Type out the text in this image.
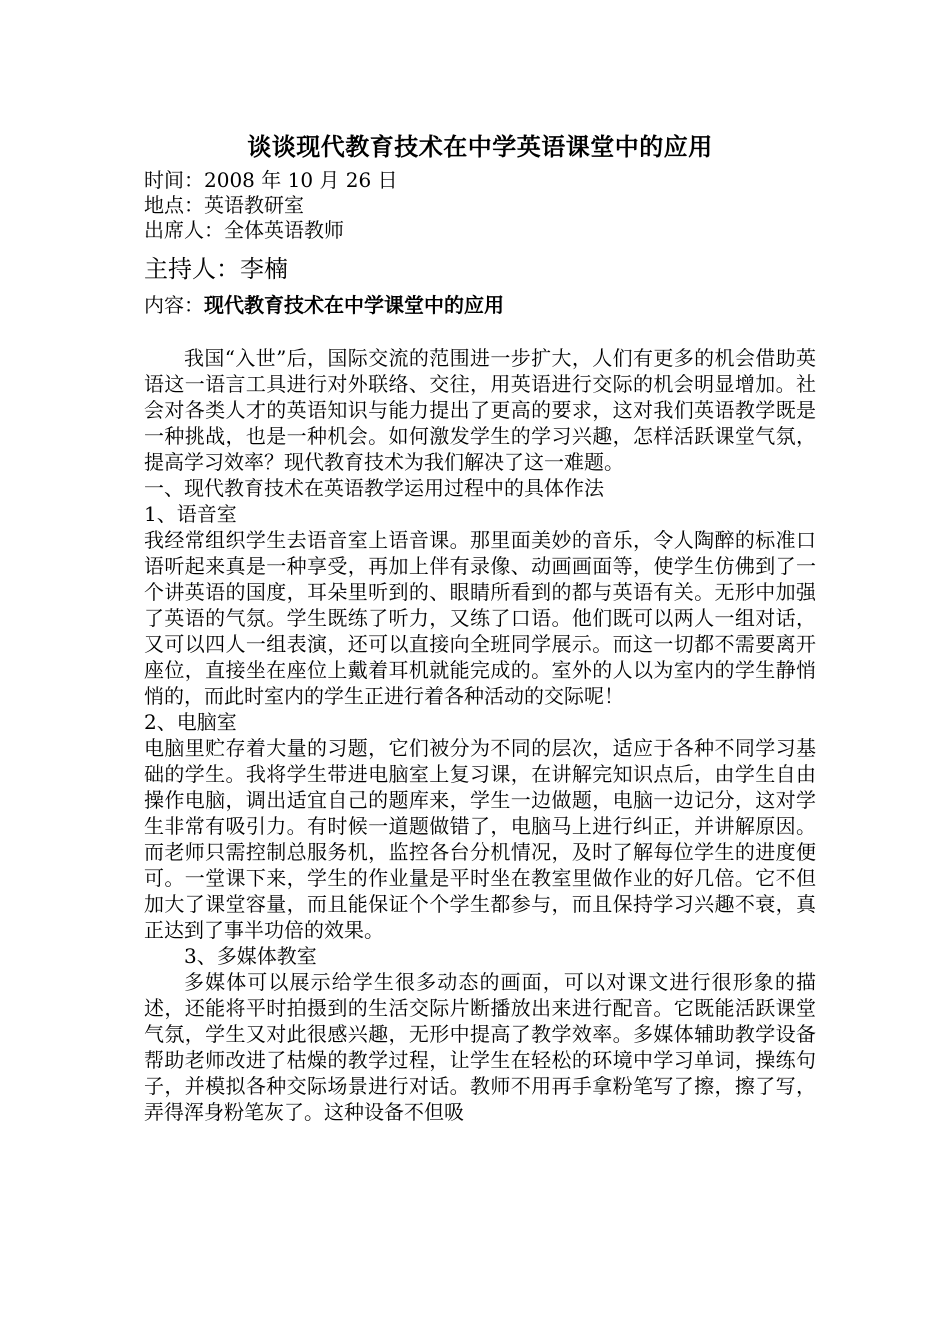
谈谈现代教育技术在中学英语课堂中的应用

时间：2008 年 10 月 26 日

地点：英语教研室

出席人：全体英语教师

主持人：李楠

内容：现代教育技术在中学课堂中的应用

我国“入世”后，国际交流的范围进一步扩大，人们有更多的机会借助英语这一语言工具进行对外联络、交往，用英语进行交际的机会明显增加。社会对各类人才的英语知识与能力提出了更高的要求，这对我们英语教学既是一种挑战，也是一种机会。如何激发学生的学习兴趣，怎样活跃课堂气氛，提高学习效率？现代教育技术为我们解决了这一难题。

一、现代教育技术在英语教学运用过程中的具体作法

1、语音室

我经常组织学生去语音室上语音课。那里面美妙的音乐，令人陶醉的标准口语听起来真是一种享受，再加上伴有录像、动画画面等，使学生仿佛到了一个讲英语的国度，耳朵里听到的、眼睛所看到的都与英语有关。无形中加强了英语的气氛。学生既练了听力，又练了口语。他们既可以两人一组对话，又可以四人一组表演，还可以直接向全班同学展示。而这一切都不需要离开座位，直接坐在座位上戴着耳机就能完成的。室外的人以为室内的学生静悄悄的，而此时室内的学生正进行着各种活动的交际呢！

2、电脑室

电脑里贮存着大量的习题，它们被分为不同的层次，适应于各种不同学习基础的学生。我将学生带进电脑室上复习课，在讲解完知识点后，由学生自由操作电脑，调出适宜自己的题库来，学生一边做题，电脑一边记分，这对学生非常有吸引力。有时候一道题做错了，电脑马上进行纠正，并讲解原因。而老师只需控制总服务机，监控各台分机情况，及时了解每位学生的进度便可。一堂课下来，学生的作业量是平时坐在教室里做作业的好几倍。它不但加大了课堂容量，而且能保证个个学生都参与，而且保持学习兴趣不衰，真正达到了事半功倍的效果。

3、多媒体教室

多媒体可以展示给学生很多动态的画面，可以对课文进行很形象的描述，还能将平时拍摄到的生活交际片断播放出来进行配音。它既能活跃课堂气氛，学生又对此很感兴趣，无形中提高了教学效率。多媒体辅助教学设备帮助老师改进了枯燥的教学过程，让学生在轻松的环境中学习单词，操练句子，并模拟各种交际场景进行对话。教师不用再手拿粉笔写了擦，擦了写，弄得浑身粉笔灰了。这种设备不但吸
